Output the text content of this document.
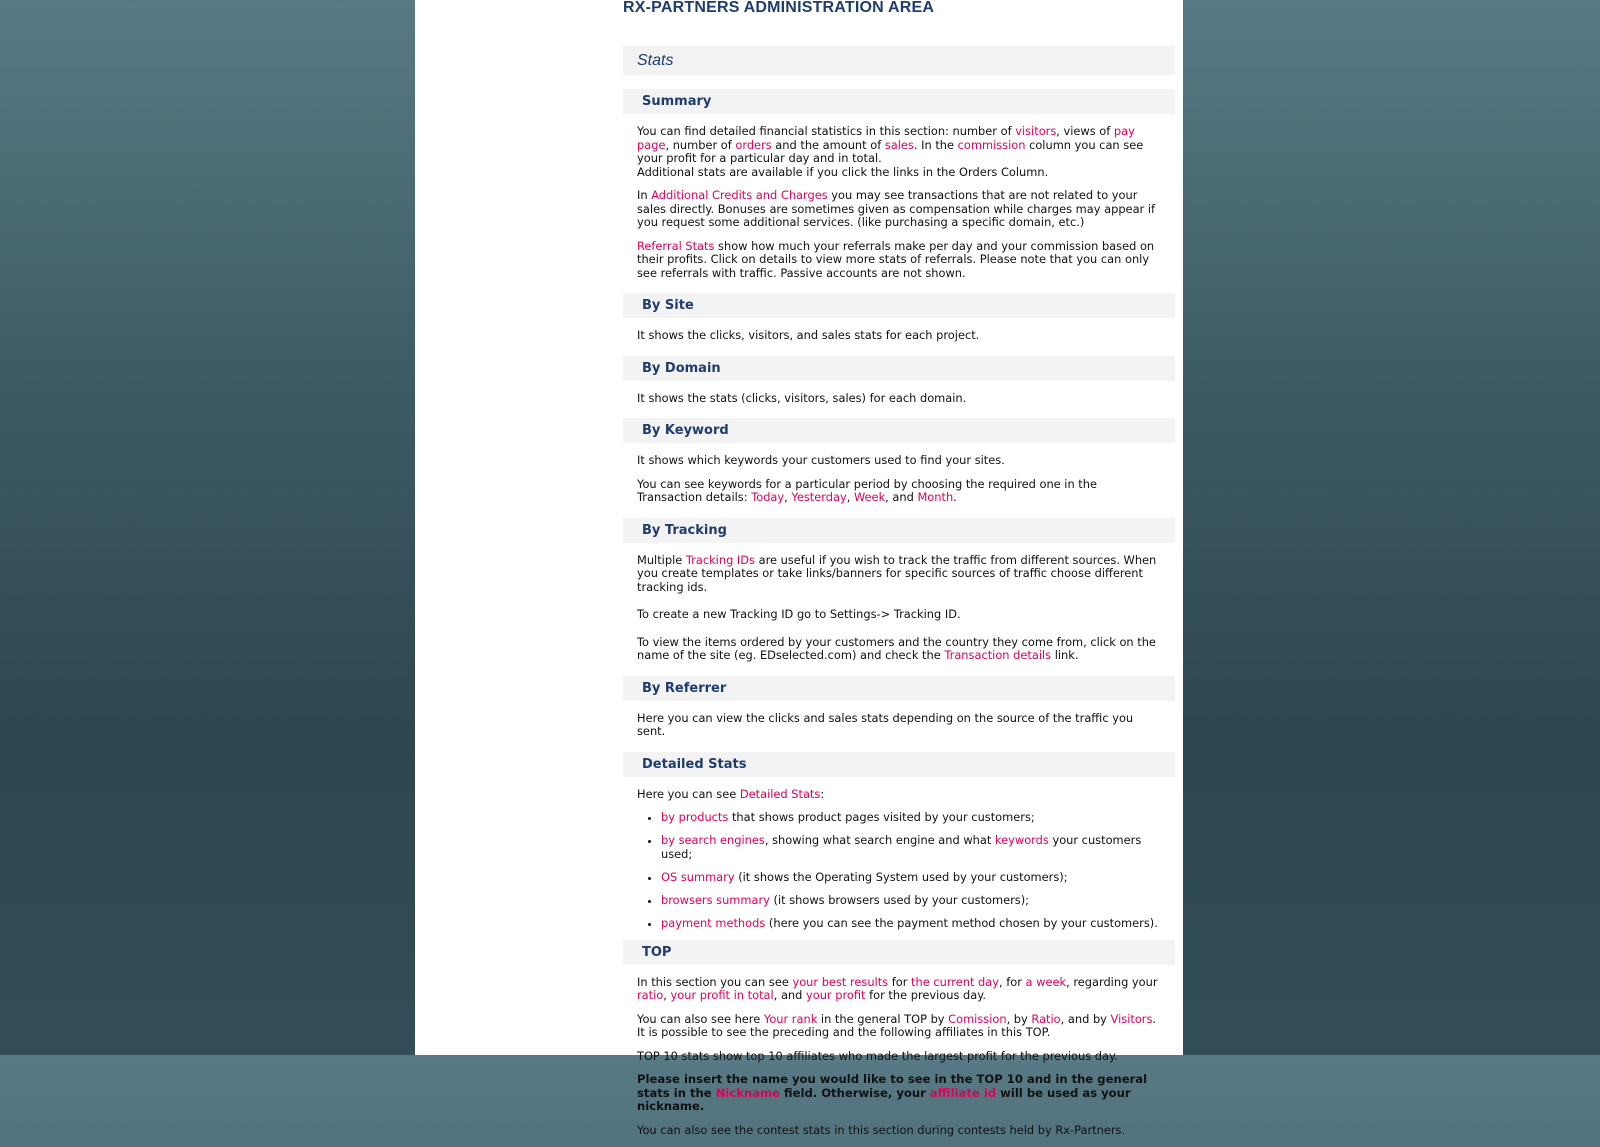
RX-PARTNERS ADMINISTRATION AREA
Stats
Summary

You can find detailed financial statistics in this section: number of visitors, views of pay page, number of orders and the amount of sales. In the commission column you can see your profit for a particular day and in total.
Additional stats are available if you click the links in the Orders Column.

In Additional Credits and Charges you may see transactions that are not related to your sales directly. Bonuses are sometimes given as compensation while charges may appear if you request some additional services. (like purchasing a specific domain, etc.)

Referral Stats show how much your referrals make per day and your commission based on their profits. Click on details to view more stats of referrals. Please note that you can only see referrals with traffic. Passive accounts are not shown.

By Site

It shows the clicks, visitors, and sales stats for each project.

By Domain

It shows the stats (clicks, visitors, sales) for each domain.

By Keyword

It shows which keywords your customers used to find your sites.

You can see keywords for a particular period by choosing the required one in the Transaction details: Today, Yesterday, Week, and Month.

By Tracking

Multiple Tracking IDs are useful if you wish to track the traffic from different sources. When you create templates or take links/banners for specific sources of traffic choose different tracking ids.

To create a new Tracking ID go to Settings-> Tracking ID.

To view the items ordered by your customers and the country they come from, click on the name of the site (eg. EDselected.com) and check the Transaction details link.

By Referrer

Here you can view the clicks and sales stats depending on the source of the traffic you sent.

Detailed Stats

Here you can see Detailed Stats:

• by products that shows product pages visited by your customers;
• by search engines, showing what search engine and what keywords your customers used;
• OS summary (it shows the Operating System used by your customers);
• browsers summary (it shows browsers used by your customers);
• payment methods (here you can see the payment method chosen by your customers).
TOP

In this section you can see your best results for the current day, for a week, regarding your ratio, your profit in total, and your profit for the previous day.

You can also see here Your rank in the general TOP by Comission, by Ratio, and by Visitors. It is possible to see the preceding and the following affiliates in this TOP.

TOP 10 stats show top 10 affiliates who made the largest profit for the previous day.

Please insert the name you would like to see in the TOP 10 and in the general stats in the Nickname field. Otherwise, your affiliate id will be used as your nickname.

You can also see the contest stats in this section during contests held by Rx-Partners.
